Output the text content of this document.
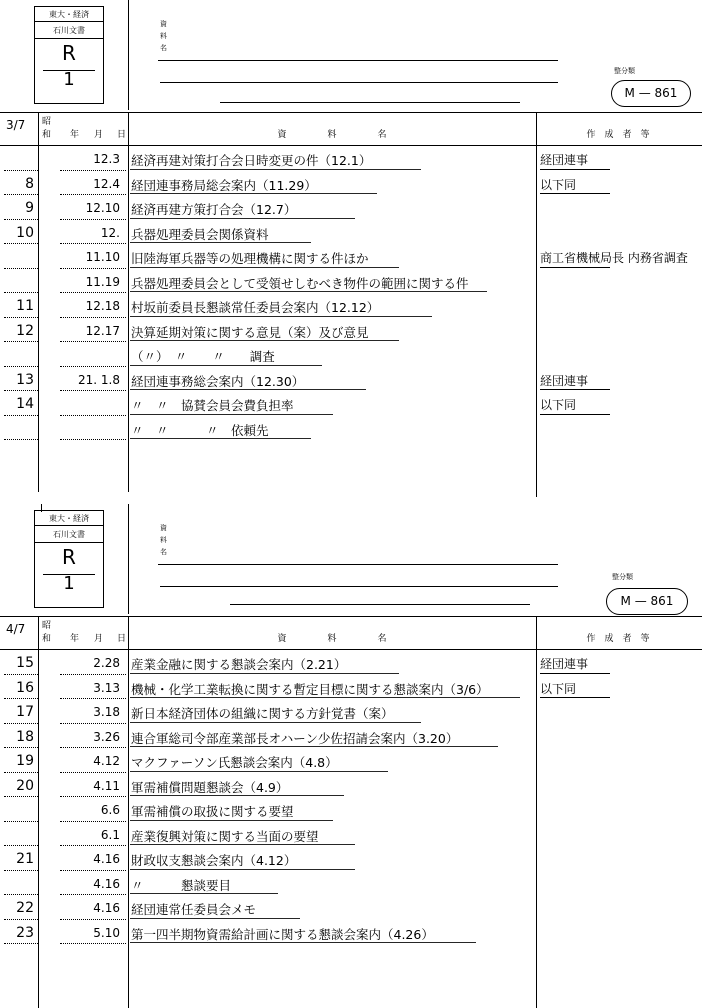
東大・経済
石川文書
R
1
資
料
名
整分類
M — 861
3/7 昭
和 年 月 日	資　料　名	作　成　者　等
12.3 経済再建対策打合会日時変更の件（12.1）	経団連事
8	12.4 経団連事務局総会案内（11.29）	以下同
9	12.10 経済再建方策打合会（12.7）
10	12. 兵器処理委員会関係資料
11.10 旧陸海軍兵器等の処理機構に関する件ほか	商工省機械局長 内務省調査
11.19 兵器処理委員会として受領せしむべき物件の範囲に関する件
11	12.18 村坂前委員長懇談常任委員会案内（12.12）
12	12.17 決算延期対策に関する意見（案）及び意見
（〃）　〃　　〃　　調査
13	21. 1.8 経団連事務総会案内（12.30）	経団連事
14	〃　〃　協賛会員会費負担率	以下同
〃　〃　　　〃　依頼先
東大・経済
石川文書
R
1
資
料
名
整分類
M — 861
4/7 昭
和 年 月 日	資　料　名	作　成　者　等
15	2.28 産業金融に関する懇談会案内（2.21）	経団連事
16	3.13 機械・化学工業転換に関する暫定目標に関する懇談案内（3/6）	以下同
17	3.18 新日本経済団体の組織に関する方針覚書（案）
18	3.26 連合軍総司令部産業部長オハーン少佐招請会案内（3.20）
19	4.12 マクファーソン氏懇談会案内（4.8）
20	4.11 軍需補償問題懇談会（4.9）
6.6 軍需補償の取扱に関する要望
6.1 産業復興対策に関する当面の要望
21	4.16 財政収支懇談会案内（4.12）
4.16 〃　　　懇談要目
22	4.16 経団連常任委員会メモ
23	5.10 第一四半期物資需給計画に関する懇談会案内（4.26）
